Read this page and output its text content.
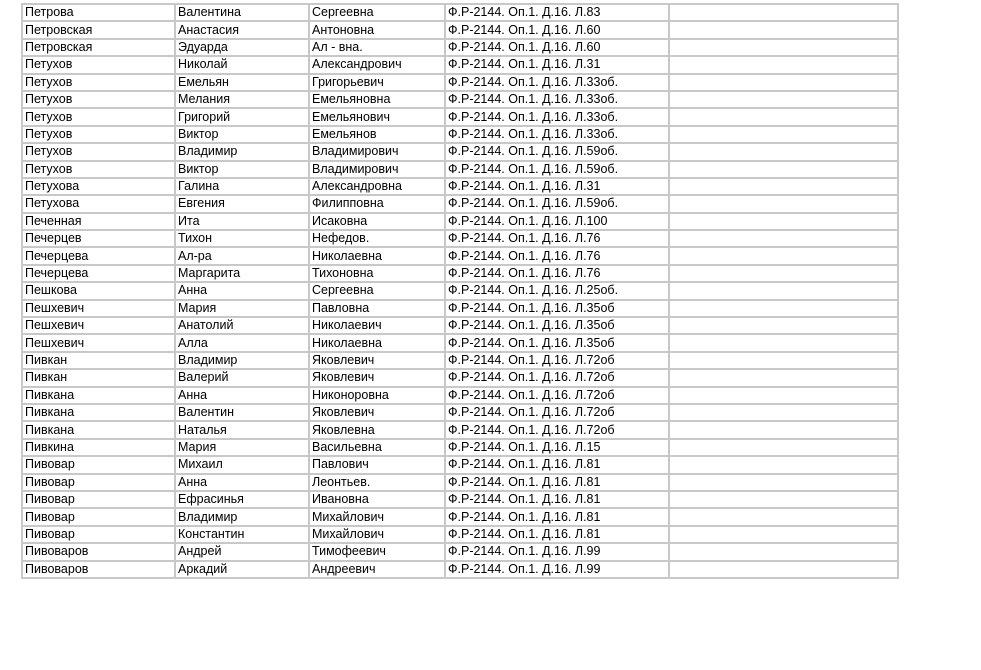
Петрова	Валентина	Сергеевна	Ф.Р-2144. Оп.1. Д.16. Л.83	
Петровская	Анастасия	Антоновна	Ф.Р-2144. Оп.1. Д.16. Л.60	
Петровская	Эдуарда	Ал - вна.	Ф.Р-2144. Оп.1. Д.16. Л.60	
Петухов	Николай	Александрович	Ф.Р-2144. Оп.1. Д.16. Л.31	
Петухов	Емельян	Григорьевич	Ф.Р-2144. Оп.1. Д.16. Л.33об.	
Петухов	Мелания	Емельяновна	Ф.Р-2144. Оп.1. Д.16. Л.33об.	
Петухов	Григорий	Емельянович	Ф.Р-2144. Оп.1. Д.16. Л.33об.	
Петухов	Виктор	Емельянов	Ф.Р-2144. Оп.1. Д.16. Л.33об.	
Петухов	Владимир	Владимирович	Ф.Р-2144. Оп.1. Д.16. Л.59об.	
Петухов	Виктор	Владимирович	Ф.Р-2144. Оп.1. Д.16. Л.59об.	
Петухова	Галина	Александровна	Ф.Р-2144. Оп.1. Д.16. Л.31	
Петухова	Евгения	Филипповна	Ф.Р-2144. Оп.1. Д.16. Л.59об.	
Печенная	Ита	Исаковна	Ф.Р-2144. Оп.1. Д.16. Л.100	
Печерцев	Тихон	Нефедов.	Ф.Р-2144. Оп.1. Д.16. Л.76	
Печерцева	Ал-ра	Николаевна	Ф.Р-2144. Оп.1. Д.16. Л.76	
Печерцева	Маргарита	Тихоновна	Ф.Р-2144. Оп.1. Д.16. Л.76	
Пешкова	Анна	Сергеевна	Ф.Р-2144. Оп.1. Д.16. Л.25об.	
Пешхевич	Мария	Павловна	Ф.Р-2144. Оп.1. Д.16. Л.35об	
Пешхевич	Анатолий	Николаевич	Ф.Р-2144. Оп.1. Д.16. Л.35об	
Пешхевич	Алла	Николаевна	Ф.Р-2144. Оп.1. Д.16. Л.35об	
Пивкан	Владимир	Яковлевич	Ф.Р-2144. Оп.1. Д.16. Л.72об	
Пивкан	Валерий	Яковлевич	Ф.Р-2144. Оп.1. Д.16. Л.72об	
Пивкана	Анна	Никоноровна	Ф.Р-2144. Оп.1. Д.16. Л.72об	
Пивкана	Валентин	Яковлевич	Ф.Р-2144. Оп.1. Д.16. Л.72об	
Пивкана	Наталья	Яковлевна	Ф.Р-2144. Оп.1. Д.16. Л.72об	
Пивкина	Мария	Васильевна	Ф.Р-2144. Оп.1. Д.16. Л.15	
Пивовар	Михаил	Павлович	Ф.Р-2144. Оп.1. Д.16. Л.81	
Пивовар	Анна	Леонтьев.	Ф.Р-2144. Оп.1. Д.16. Л.81	
Пивовар	Ефрасинья	Ивановна	Ф.Р-2144. Оп.1. Д.16. Л.81	
Пивовар	Владимир	Михайлович	Ф.Р-2144. Оп.1. Д.16. Л.81	
Пивовар	Константин	Михайлович	Ф.Р-2144. Оп.1. Д.16. Л.81	
Пивоваров	Андрей	Тимофеевич	Ф.Р-2144. Оп.1. Д.16. Л.99	
Пивоваров	Аркадий	Андреевич	Ф.Р-2144. Оп.1. Д.16. Л.99	
